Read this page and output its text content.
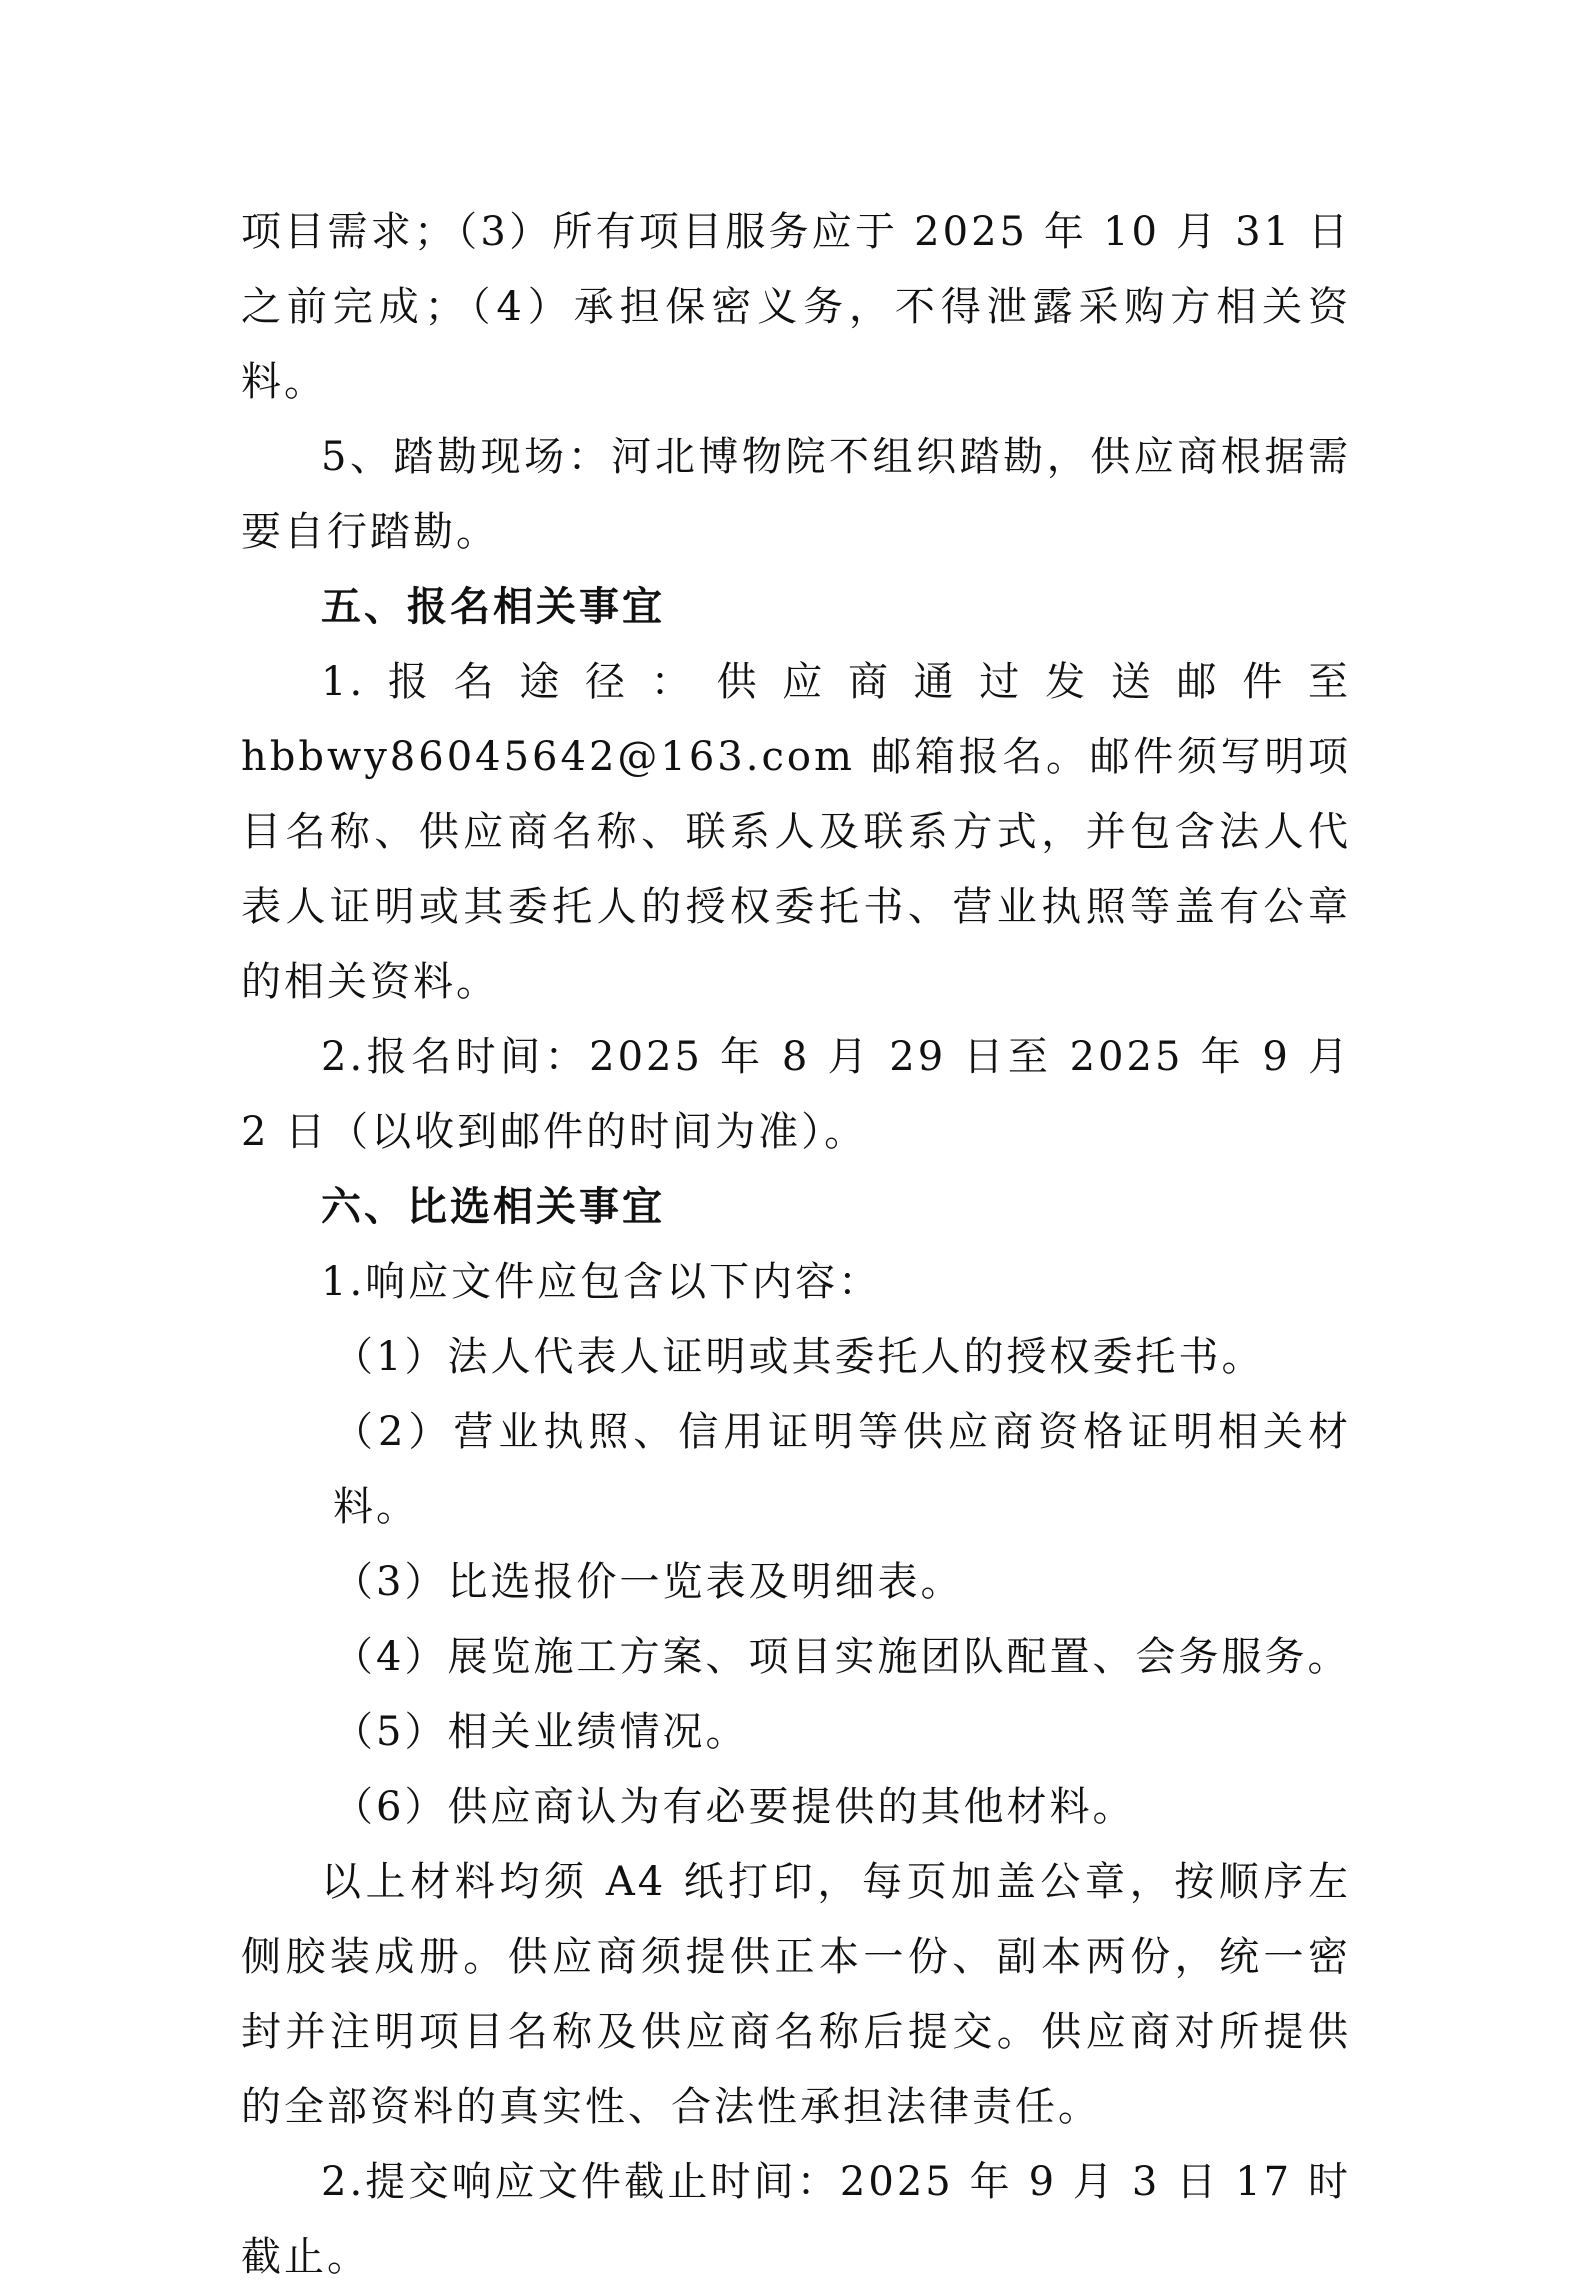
项目需求；（3）所有项目服务应于 2025 年 10 月 31 日之前完成；（4）承担保密义务，不得泄露采购方相关资料。

5、踏勘现场：河北博物院不组织踏勘，供应商根据需要自行踏勘。

五、报名相关事宜

1.报名途径：供应商通过发送邮件至 hbbwy86045642@163.com 邮箱报名。邮件须写明项目名称、供应商名称、联系人及联系方式，并包含法人代表人证明或其委托人的授权委托书、营业执照等盖有公章的相关资料。

2.报名时间：2025 年 8 月 29 日至 2025 年 9 月 2 日（以收到邮件的时间为准）。

六、比选相关事宜

1.响应文件应包含以下内容：

（1）法人代表人证明或其委托人的授权委托书。

（2）营业执照、信用证明等供应商资格证明相关材料。

（3）比选报价一览表及明细表。

（4）展览施工方案、项目实施团队配置、会务服务。

（5）相关业绩情况。

（6）供应商认为有必要提供的其他材料。

以上材料均须 A4 纸打印，每页加盖公章，按顺序左侧胶装成册。供应商须提供正本一份、副本两份，统一密封并注明项目名称及供应商名称后提交。供应商对所提供的全部资料的真实性、合法性承担法律责任。

2.提交响应文件截止时间：2025 年 9 月 3 日 17 时截止。
